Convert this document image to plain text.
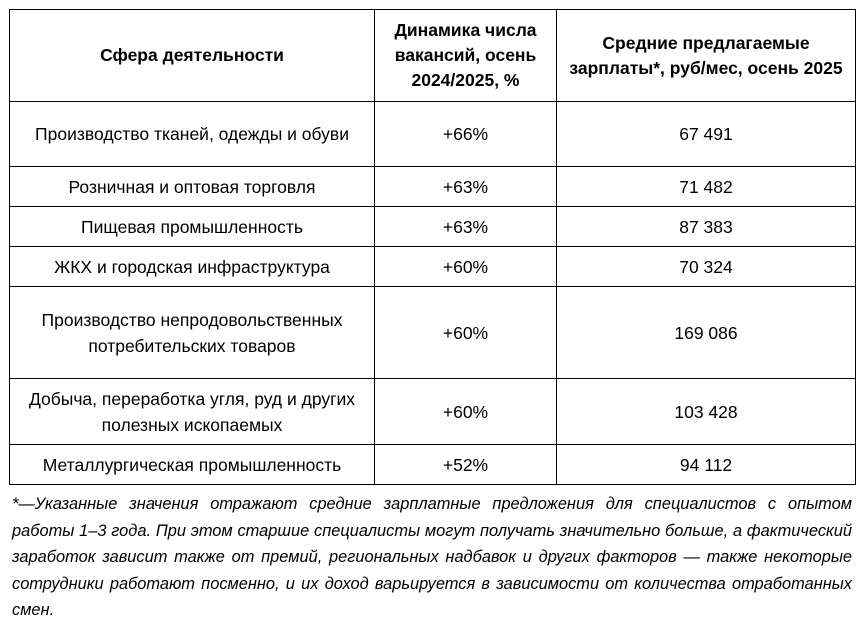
Сфера деятельности	Динамика числа вакансий, осень 2024/2025, %	Средние предлагаемые зарплаты*, руб/мес, осень 2025
Производство тканей, одежды и обуви	+66%	67 491
Розничная и оптовая торговля	+63%	71 482
Пищевая промышленность	+63%	87 383
ЖКХ и городская инфраструктура	+60%	70 324
Производство непродовольственных потребительских товаров	+60%	169 086
Добыча, переработка угля, руд и других полезных ископаемых	+60%	103 428
Металлургическая промышленность	+52%	94 112
*—Указанные значения отражают средние зарплатные предложения для специалистов с опытом работы 1–3 года. При этом старшие специалисты могут получать значительно больше, а фактический заработок зависит также от премий, региональных надбавок и других факторов — также некоторые сотрудники работают посменно, и их доход варьируется в зависимости от количества отработанных смен.
